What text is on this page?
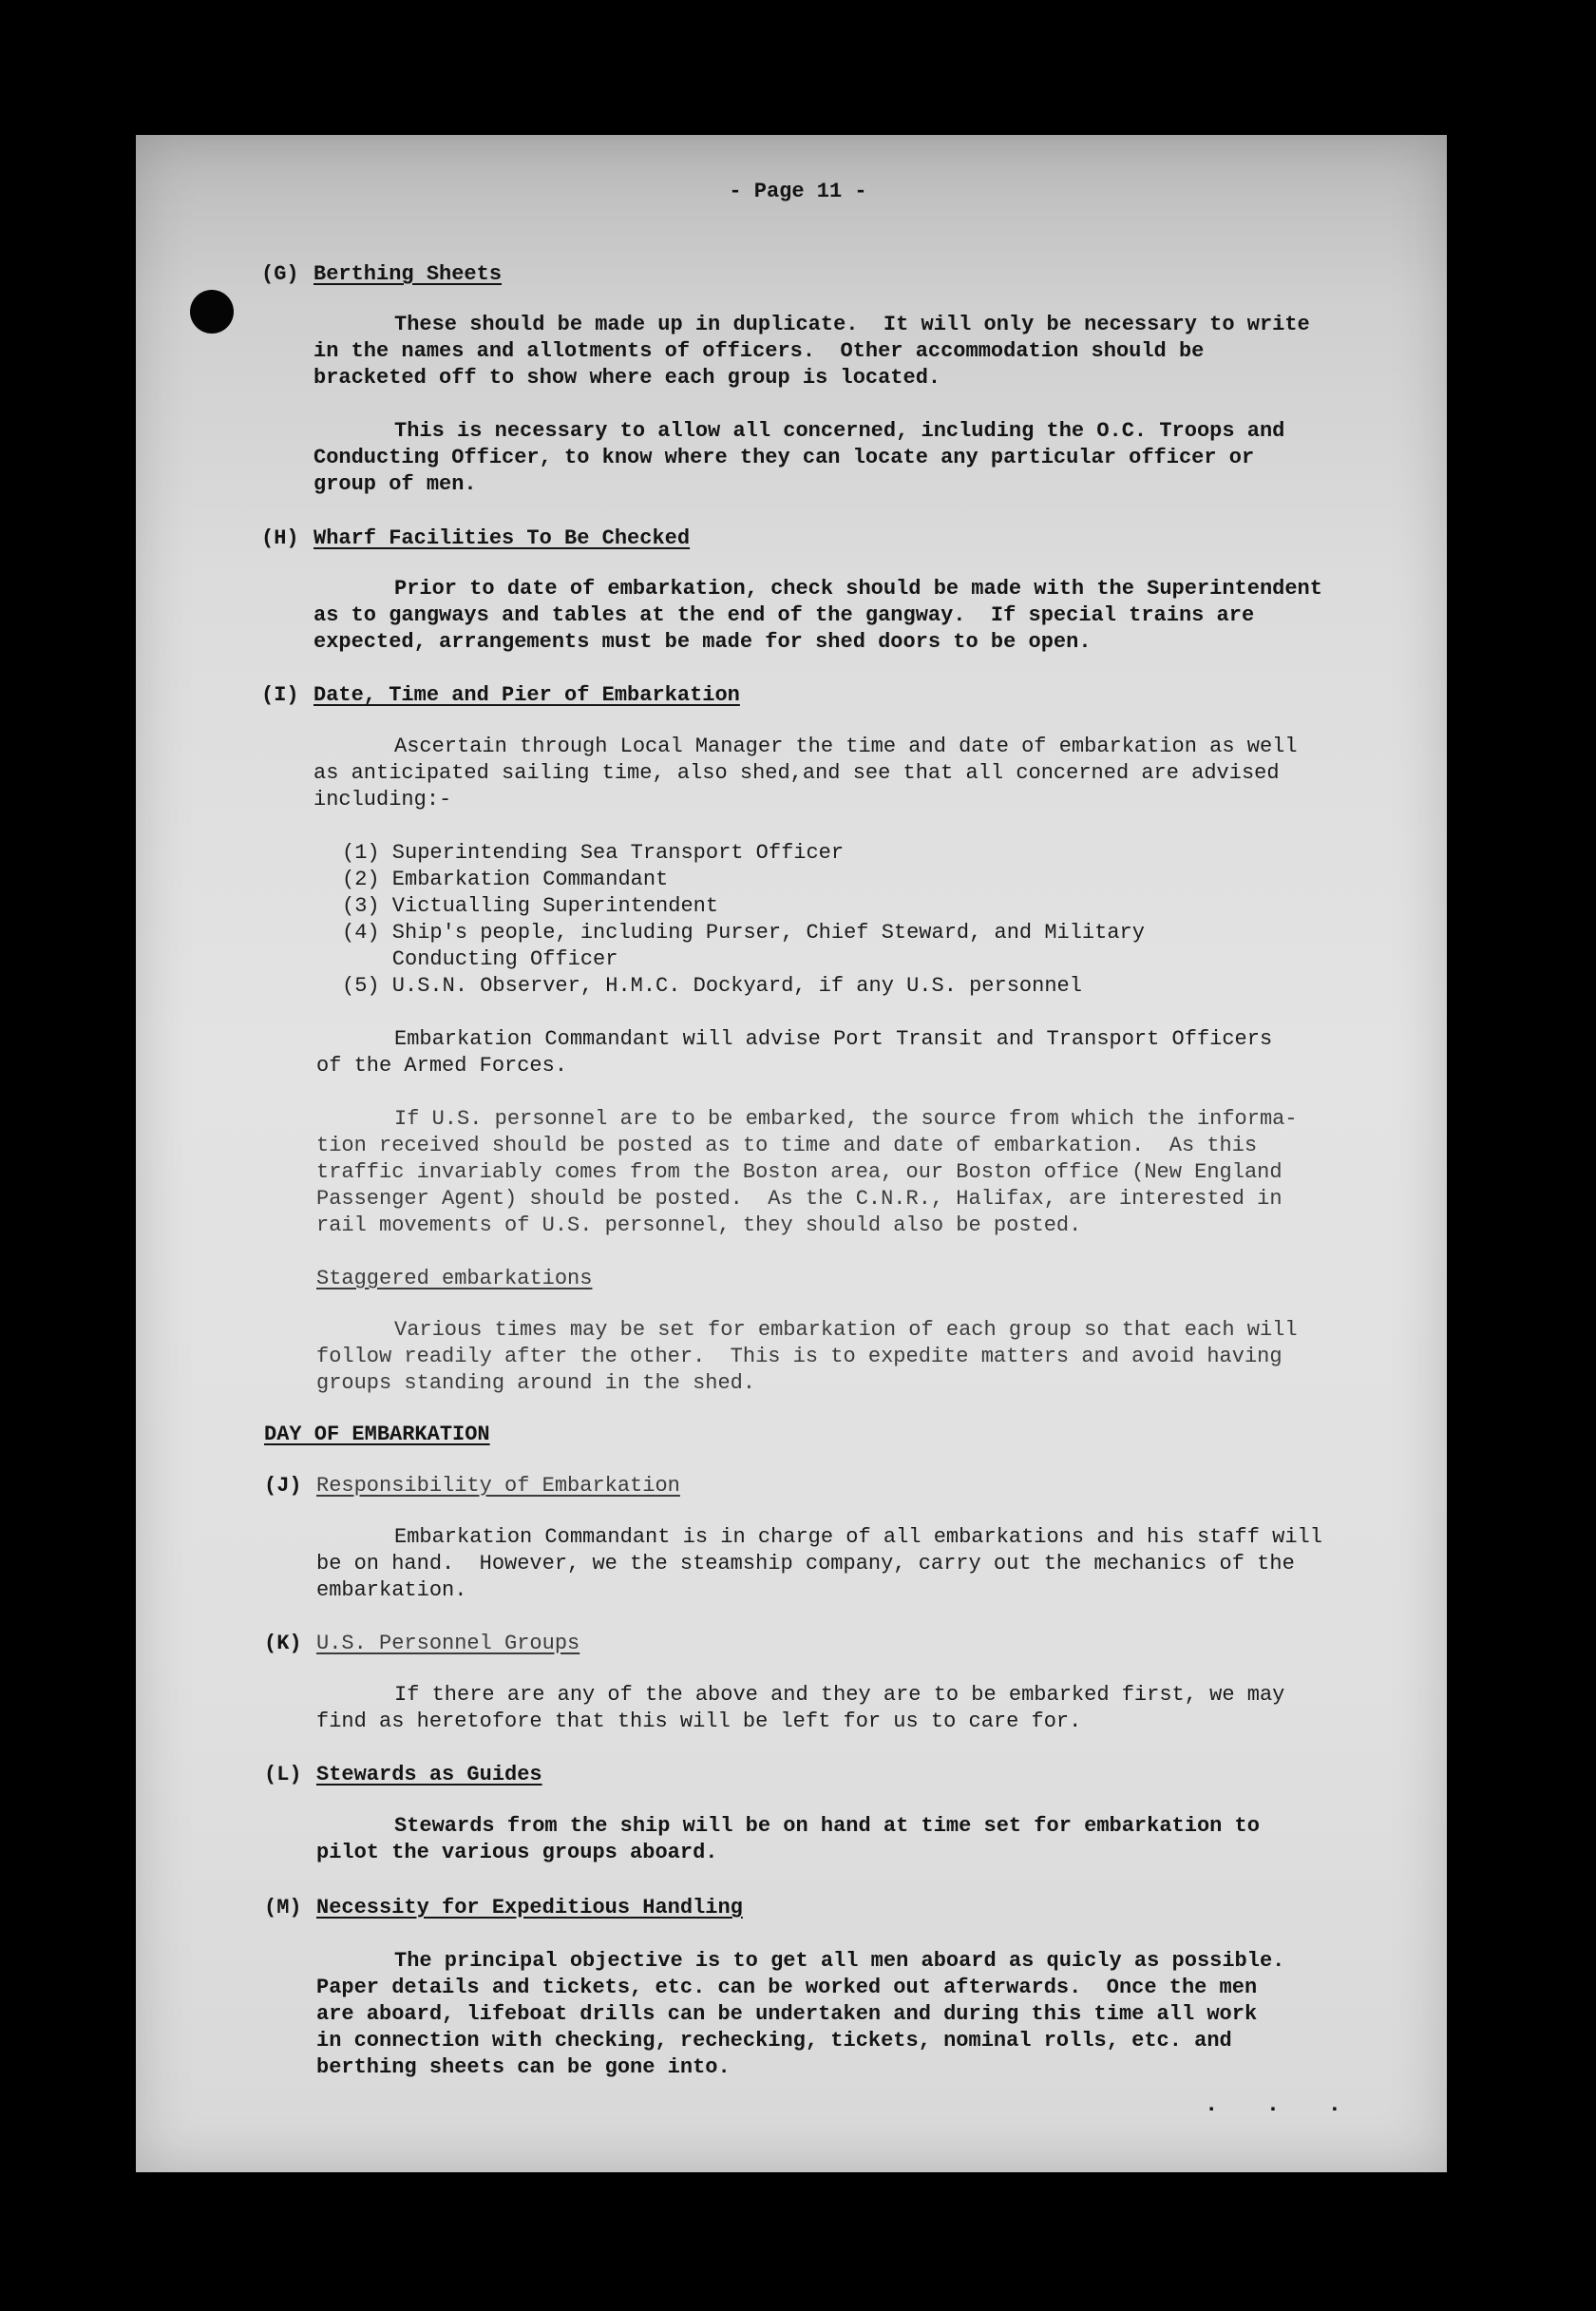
- Page 11 -
(G) Berthing Sheets
These should be made up in duplicate.  It will only be necessary to write
in the names and allotments of officers.  Other accommodation should be
bracketed off to show where each group is located.
This is necessary to allow all concerned, including the O.C. Troops and
Conducting Officer, to know where they can locate any particular officer or
group of men.
(H) Wharf Facilities To Be Checked
Prior to date of embarkation, check should be made with the Superintendent
as to gangways and tables at the end of the gangway.  If special trains are
expected, arrangements must be made for shed doors to be open.
(I) Date, Time and Pier of Embarkation
Ascertain through Local Manager the time and date of embarkation as well
as anticipated sailing time, also shed,and see that all concerned are advised
including:-
(1) Superintending Sea Transport Officer
(2) Embarkation Commandant
(3) Victualling Superintendent
(4) Ship's people, including Purser, Chief Steward, and Military
Conducting Officer
(5) U.S.N. Observer, H.M.C. Dockyard, if any U.S. personnel
Embarkation Commandant will advise Port Transit and Transport Officers
of the Armed Forces.
If U.S. personnel are to be embarked, the source from which the informa-
tion received should be posted as to time and date of embarkation.  As this
traffic invariably comes from the Boston area, our Boston office (New England
Passenger Agent) should be posted.  As the C.N.R., Halifax, are interested in
rail movements of U.S. personnel, they should also be posted.
Staggered embarkations
Various times may be set for embarkation of each group so that each will
follow readily after the other.  This is to expedite matters and avoid having
groups standing around in the shed.
DAY OF EMBARKATION
(J) Responsibility of Embarkation
Embarkation Commandant is in charge of all embarkations and his staff will
be on hand.  However, we the steamship company, carry out the mechanics of the
embarkation.
(K) U.S. Personnel Groups
If there are any of the above and they are to be embarked first, we may
find as heretofore that this will be left for us to care for.
(L) Stewards as Guides
Stewards from the ship will be on hand at time set for embarkation to
pilot the various groups aboard.
(M) Necessity for Expeditious Handling
The principal objective is to get all men aboard as quicly as possible.
Paper details and tickets, etc. can be worked out afterwards.  Once the men
are aboard, lifeboat drills can be undertaken and during this time all work
in connection with checking, rechecking, tickets, nominal rolls, etc. and
berthing sheets can be gone into.
. . .
